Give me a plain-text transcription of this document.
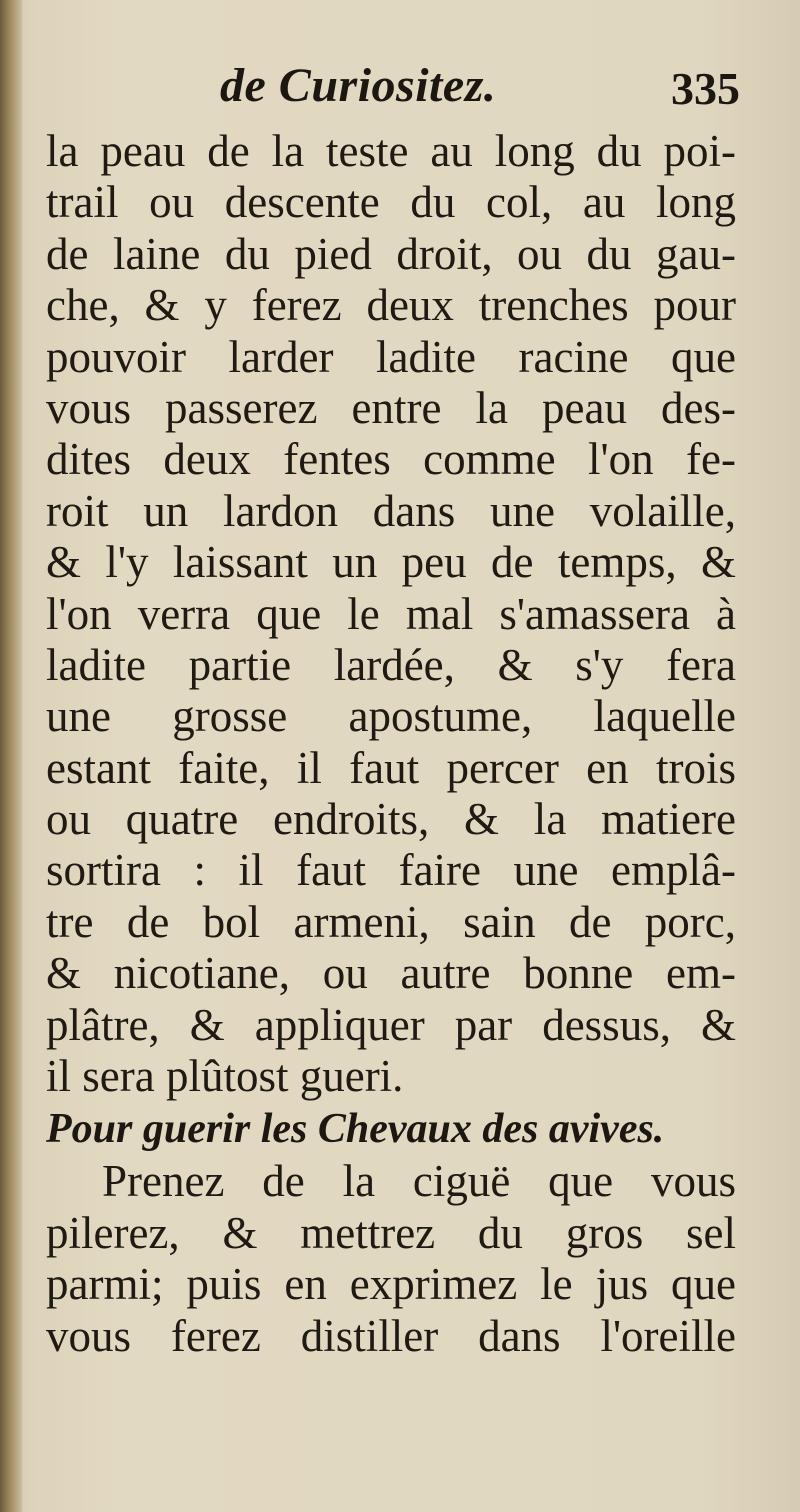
de Curiositez.	335
la peau de la teste au long du poi-
trail ou descente du col, au long
de laine du pied droit, ou du gau-
che, & y ferez deux trenches pour
pouvoir larder ladite racine que
vous passerez entre la peau des-
dites deux fentes comme l'on fe-
roit un lardon dans une volaille,
& l'y laissant un peu de temps, &
l'on verra que le mal s'amassera à
ladite partie lardée, & s'y fera
une grosse apostume, laquelle
estant faite, il faut percer en trois
ou quatre endroits, & la matiere
sortira : il faut faire une emplâ-
tre de bol armeni, sain de porc,
& nicotiane, ou autre bonne em-
plâtre, & appliquer par dessus, &
il sera plûtost gueri.
Pour guerir les Chevaux des avives.
Prenez de la ciguë que vous
pilerez, & mettrez du gros sel
parmi; puis en exprimez le jus que
vous ferez distiller dans l'oreille
